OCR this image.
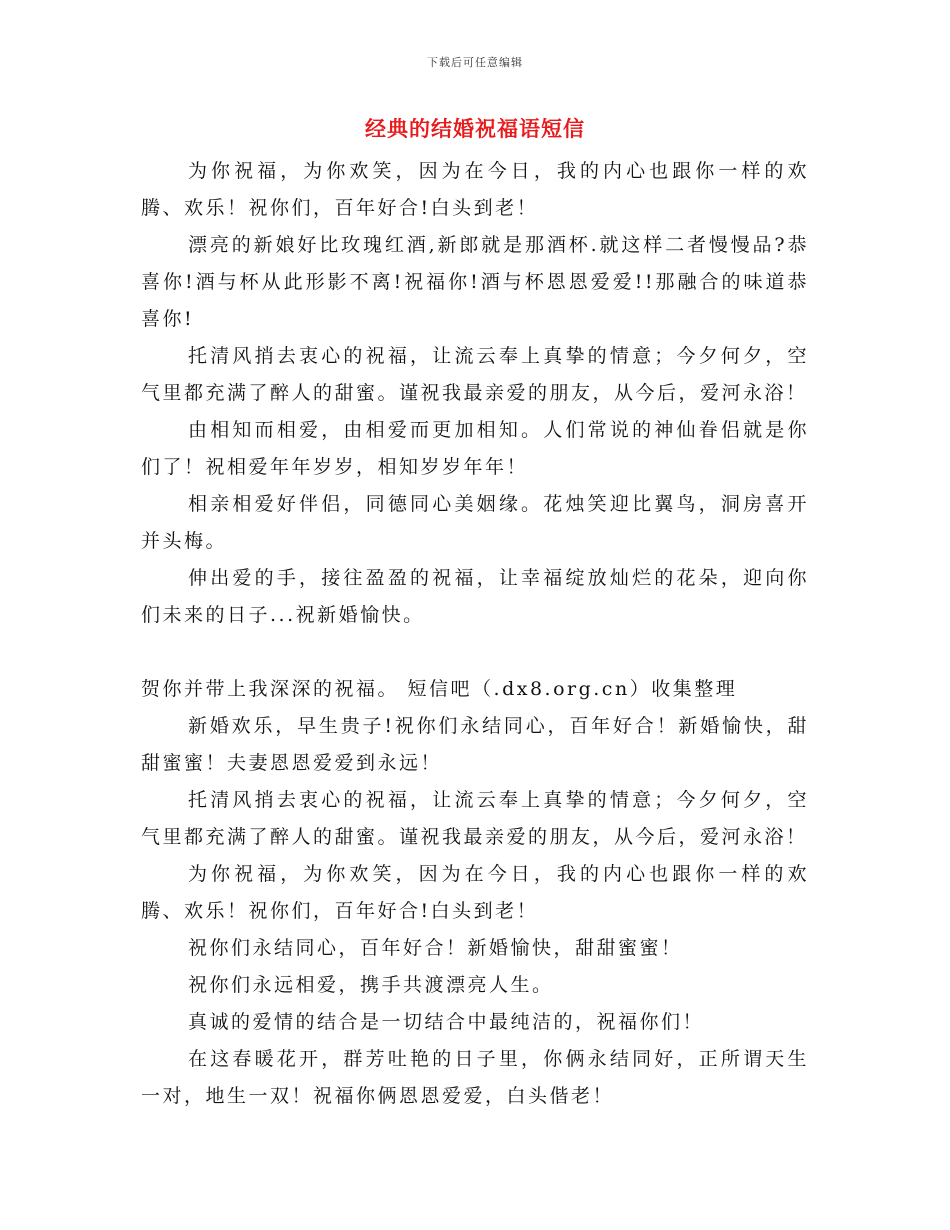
下载后可任意编辑
经典的结婚祝福语短信

为你祝福，为你欢笑，因为在今日，我的内心也跟你一样的欢腾、欢乐！祝你们，百年好合!白头到老！

漂亮的新娘好比玫瑰红酒,新郎就是那酒杯.就这样二者慢慢品?恭喜你!酒与杯从此形影不离!祝福你!酒与杯恩恩爱爱!!那融合的味道恭喜你!

托清风捎去衷心的祝福，让流云奉上真挚的情意；今夕何夕，空气里都充满了醉人的甜蜜。谨祝我最亲爱的朋友，从今后，爱河永浴！

由相知而相爱，由相爱而更加相知。人们常说的神仙眷侣就是你们了！祝相爱年年岁岁，相知岁岁年年！

相亲相爱好伴侣，同德同心美姻缘。花烛笑迎比翼鸟，洞房喜开并头梅。

伸出爱的手，接往盈盈的祝福，让幸福绽放灿烂的花朵，迎向你们未来的日子...祝新婚愉快。

贺你并带上我深深的祝福。 短信吧（.dx8.org.cn）收集整理

新婚欢乐，早生贵子!祝你们永结同心，百年好合！新婚愉快，甜甜蜜蜜！夫妻恩恩爱爱到永远！

托清风捎去衷心的祝福，让流云奉上真挚的情意；今夕何夕，空气里都充满了醉人的甜蜜。谨祝我最亲爱的朋友，从今后，爱河永浴！

为你祝福，为你欢笑，因为在今日，我的内心也跟你一样的欢腾、欢乐！祝你们，百年好合!白头到老！

祝你们永结同心，百年好合！新婚愉快，甜甜蜜蜜！

祝你们永远相爱，携手共渡漂亮人生。

真诚的爱情的结合是一切结合中最纯洁的，祝福你们！

在这春暖花开，群芳吐艳的日子里，你俩永结同好，正所谓天生一对，地生一双！祝福你俩恩恩爱爱，白头偕老！
